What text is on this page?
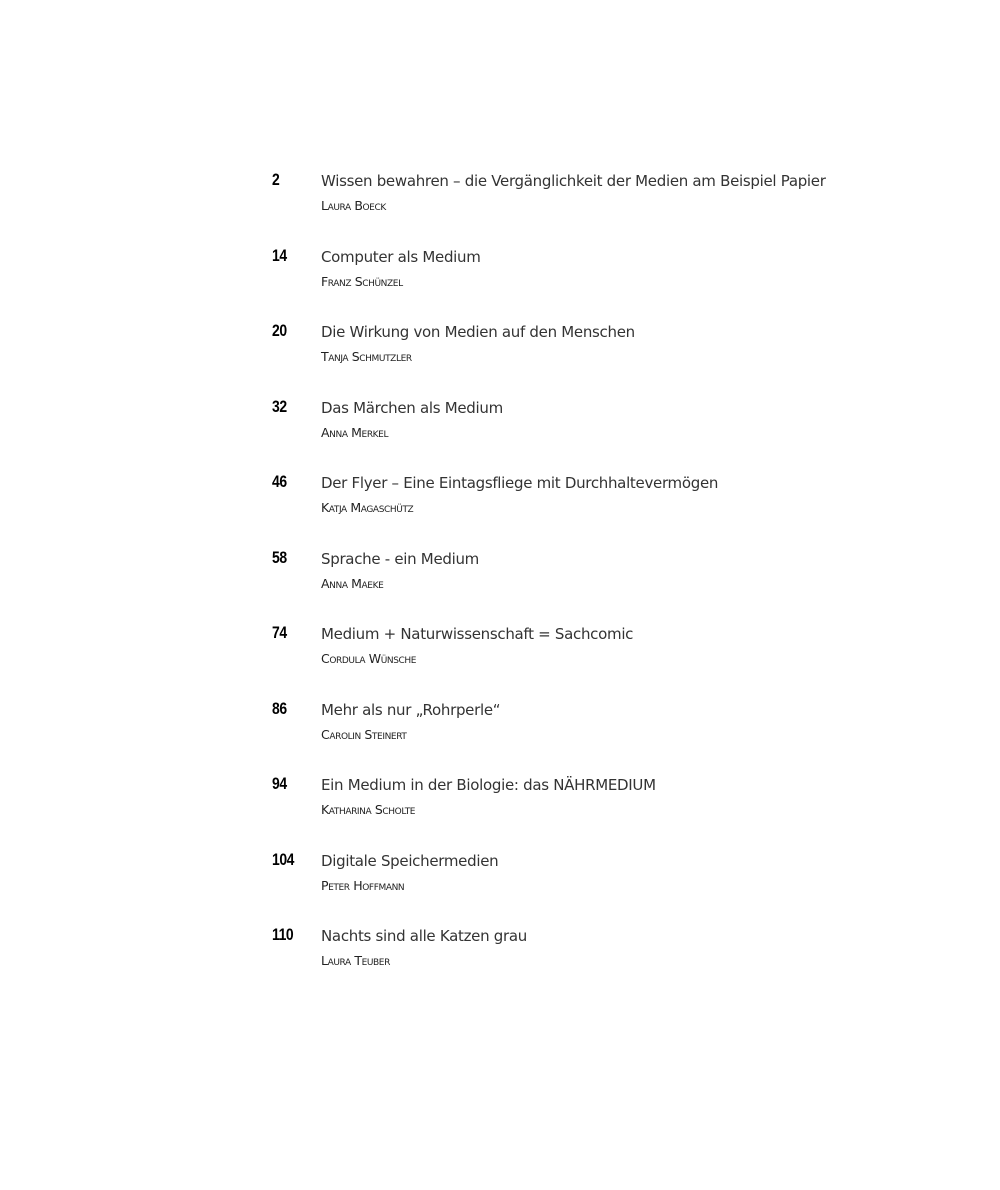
2	Wissen bewahren – die Vergänglichkeit der Medien am Beispiel Papier
Laura Boeck
14 Computer als Medium
Franz Schünzel
20 Die Wirkung von Medien auf den Menschen
Tanja Schmutzler
32 Das Märchen als Medium
Anna Merkel
46 Der Flyer – Eine Eintagsfliege mit Durchhaltevermögen
Katja Magaschütz
58 Sprache - ein Medium
Anna Maeke
74 Medium + Naturwissenschaft = Sachcomic
Cordula Wünsche
86 Mehr als nur „Rohrperle“
Carolin Steinert
94 Ein Medium in der Biologie: das NÄHRMEDIUM
Katharina Scholte
104 Digitale Speichermedien
Peter Hoffmann
110 Nachts sind alle Katzen grau
Laura Teuber
